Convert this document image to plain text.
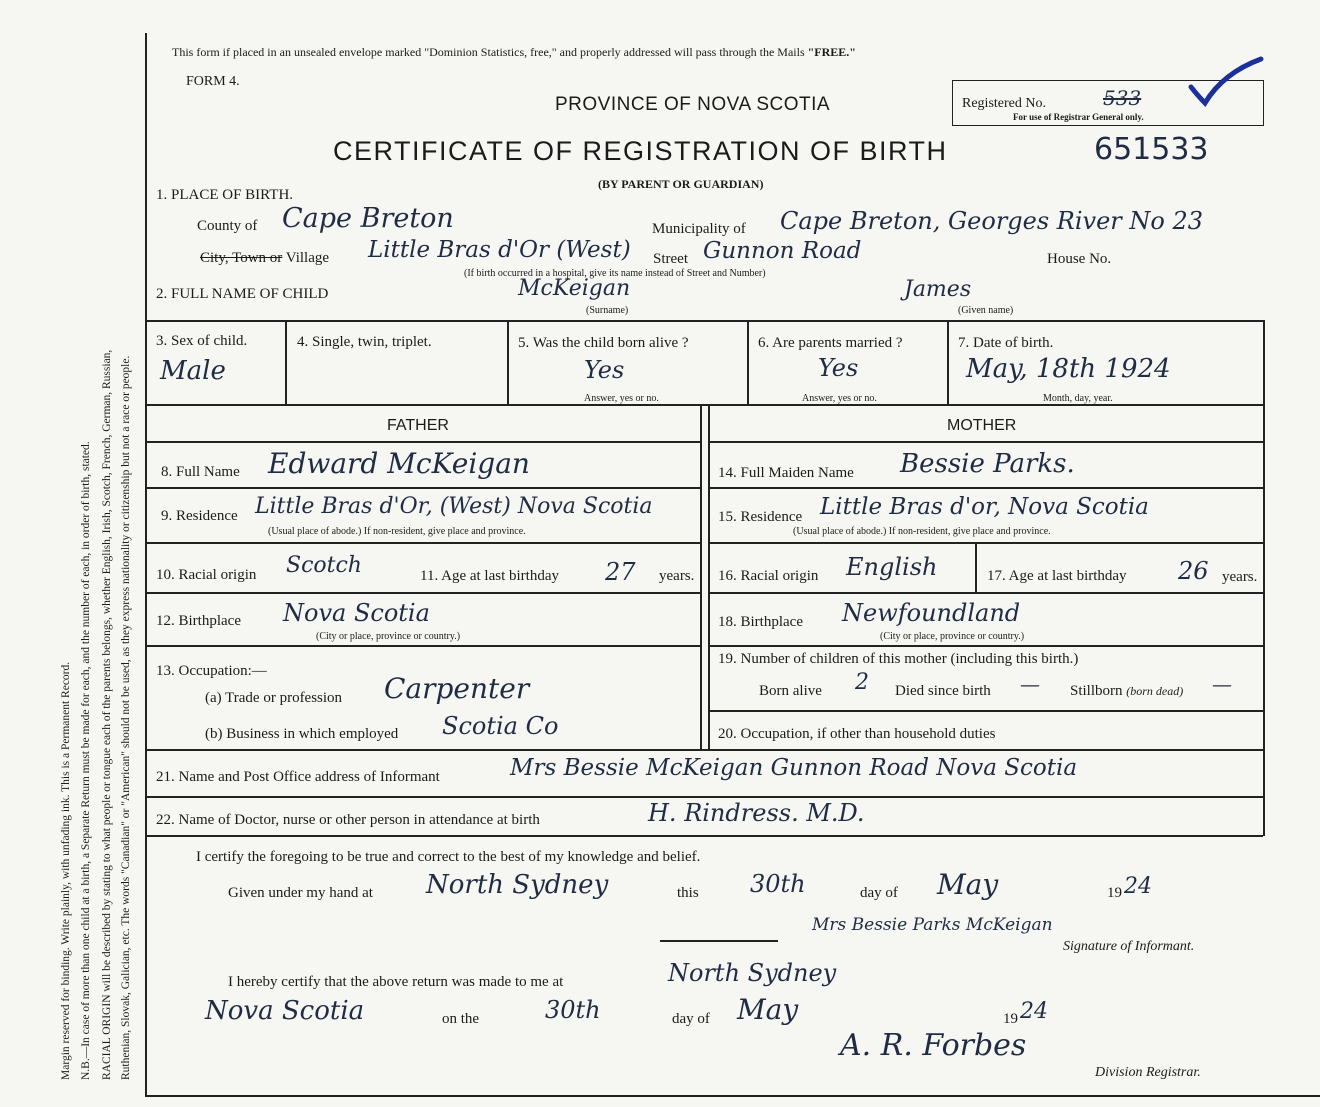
Margin reserved for binding. Write plainly, with unfading ink. This is a Permanent Record. N.B.—In case of more than one child at a birth, a Separate Return must be made for each, and the number of each, in order of birth, stated. RACIAL ORIGIN will be described by stating to what people or tongue each of the parents belongs, whether English, Irish, Scotch, French, German, Russian, Ruthenian, Slovak, Galician, etc. The words "Canadian" or "American" should not be used, as they express nationality or citizenship but not a race or people.
This form if placed in an unsealed envelope marked "Dominion Statistics, free," and properly addressed will pass through the Mails "FREE."
FORM 4.
PROVINCE OF NOVA SCOTIA	Registered No.	533
For use of Registrar General only.
CERTIFICATE OF REGISTRATION OF BIRTH	651533
(BY PARENT OR GUARDIAN)
1. PLACE OF BIRTH.
County of Cape Breton	Municipality of Cape Breton, Georges River No 23
City, Town or Village Little Bras d'Or (West) Street Gunnon Road	House No.
(If birth occurred in a hospital, give its name instead of Street and Number)
2. FULL NAME OF CHILD	McKeigan
(Surname)
James
(Given name)
3. Sex of child.
Male
4. Single, twin, triplet.	5. Was the child born alive ?
Yes
Answer, yes or no.
6. Are parents married ?
Yes
Answer, yes or no.
7. Date of birth.
May, 18th 1924
Month, day, year.
FATHER	MOTHER
8. Full Name Edward McKeigan
9. Residence Little Bras d'Or, (West) Nova Scotia
(Usual place of abode.) If non-resident, give place and province.
10. Racial origin Scotch	11. Age at last birthday 27 years.
12. Birthplace Nova Scotia
(City or place, province or country.)
13. Occupation:—
(a) Trade or profession Carpenter
(b) Business in which employed Scotia Co
14. Full Maiden Name Bessie Parks.
15. Residence Little Bras d'or, Nova Scotia
(Usual place of abode.) If non-resident, give place and province.
16. Racial origin English	17. Age at last birthday 26 years.
18. Birthplace Newfoundland
(City or place, province or country.)
19. Number of children of this mother (including this birth.)
Born alive 2 Died since birth — Stillborn (born dead) —
20. Occupation, if other than household duties
21. Name and Post Office address of Informant	Mrs Bessie McKeigan Gunnon Road Nova Scotia
22. Name of Doctor, nurse or other person in attendance at birth	H. Rindress. M.D.
I certify the foregoing to be true and correct to the best of my knowledge and belief.
Given under my hand at North Sydney	this 30th	day of May	19 24
Mrs Bessie Parks McKeigan
Signature of Informant.
I hereby certify that the above return was made to me at	North Sydney
Nova Scotia	on the	30th	day of May	19 24
A. R. Forbes
Division Registrar.
